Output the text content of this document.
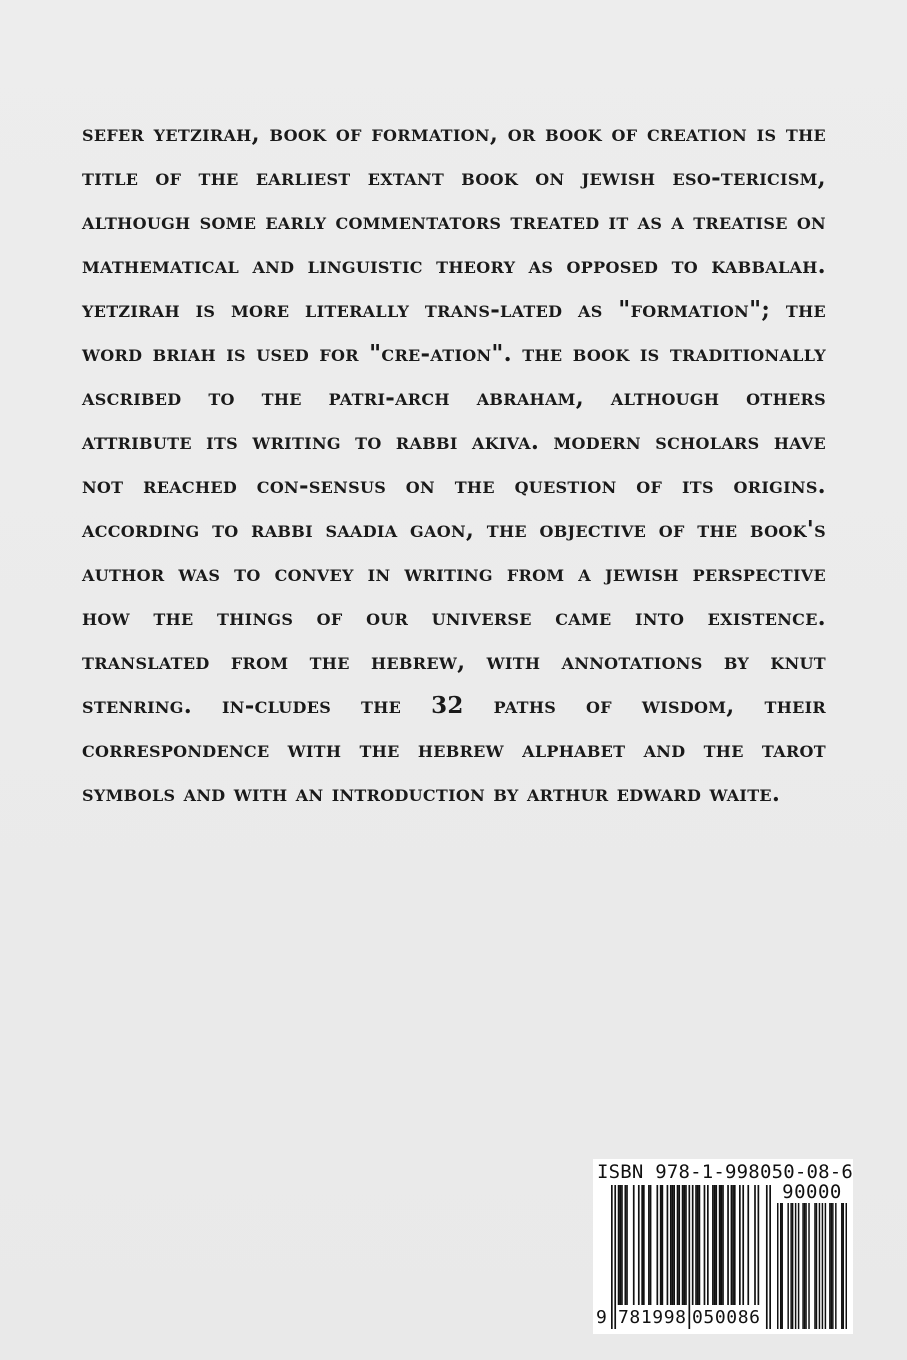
sefer yetzirah, book of formation, or book of creation is the title of the earliest extant book on jewish eso-tericism, although some early commentators treated it as a treatise on mathematical and linguistic theory as opposed to kabbalah. yetzirah is more literally trans-lated as "formation"; the word briah is used for "cre-ation". the book is traditionally ascribed to the patri-arch abraham, although others attribute its writing to rabbi akiva. modern scholars have not reached con-sensus on the question of its origins. according to rabbi saadia gaon, the objective of the book's author was to convey in writing from a jewish perspective how the things of our universe came into existence. translated from the hebrew, with annotations by knut stenring. in-cludes the 32 paths of wisdom, their correspondence with the hebrew alphabet and the tarot symbols and with an introduction by arthur edward waite.

ISBN 978-1-998050-08-6
90000
9 781998 050086
